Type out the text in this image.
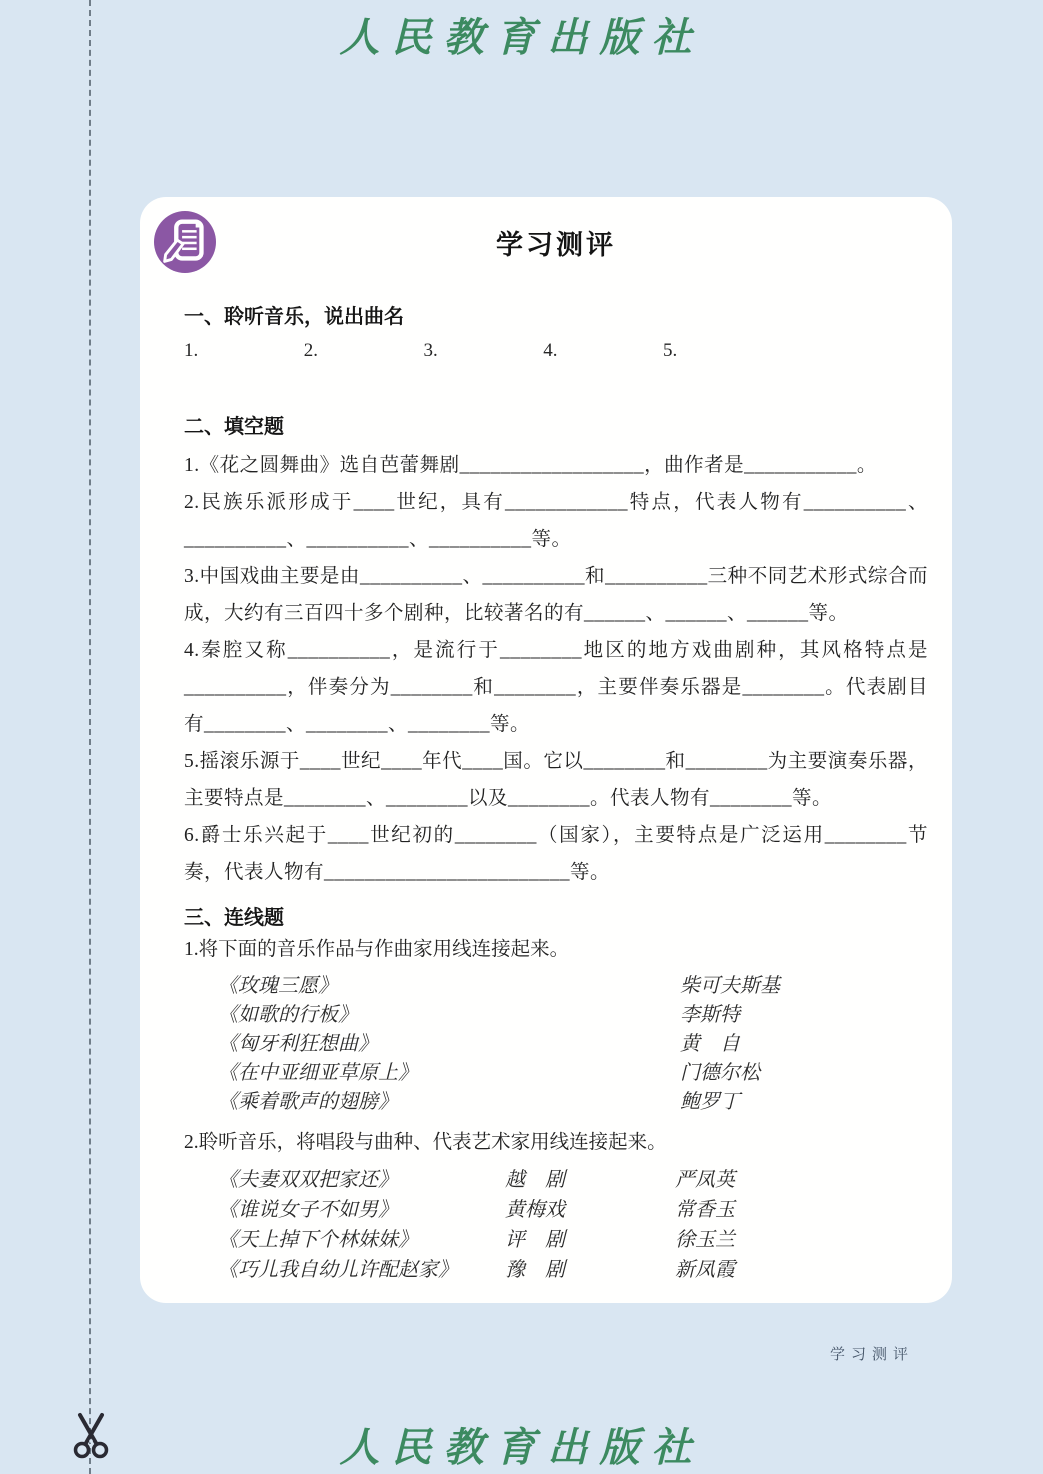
人民教育出版社
学习测评
一、聆听音乐，说出曲名
1.	2.	3.	4.	5.
二、填空题

1.《花之圆舞曲》选自芭蕾舞剧__________________，曲作者是___________。

2.民族乐派形成于____世纪，具有____________特点，代表人物有__________、__________、__________、__________等。

3.中国戏曲主要是由__________、__________和__________三种不同艺术形式综合而成，大约有三百四十多个剧种，比较著名的有______、______、______等。

4.秦腔又称__________，是流行于________地区的地方戏曲剧种，其风格特点是__________，伴奏分为________和________，主要伴奏乐器是________。代表剧目有________、________、________等。

5.摇滚乐源于____世纪____年代____国。它以________和________为主要演奏乐器，主要特点是________、________以及________。代表人物有________等。

6.爵士乐兴起于____世纪初的________（国家），主要特点是广泛运用________节奏，代表人物有________________________等。

三、连线题

1.将下面的音乐作品与作曲家用线连接起来。

《玫瑰三愿》	柴可夫斯基
《如歌的行板》	李斯特
《匈牙利狂想曲》	黄　自
《在中亚细亚草原上》	门德尔松
《乘着歌声的翅膀》	鲍罗丁

2.聆听音乐，将唱段与曲种、代表艺术家用线连接起来。

《夫妻双双把家还》	越　剧	严凤英
《谁说女子不如男》	黄梅戏	常香玉
《天上掉下个林妹妹》	评　剧	徐玉兰
《巧儿我自幼儿许配赵家》	豫　剧	新凤霞
学习测评
人民教育出版社
